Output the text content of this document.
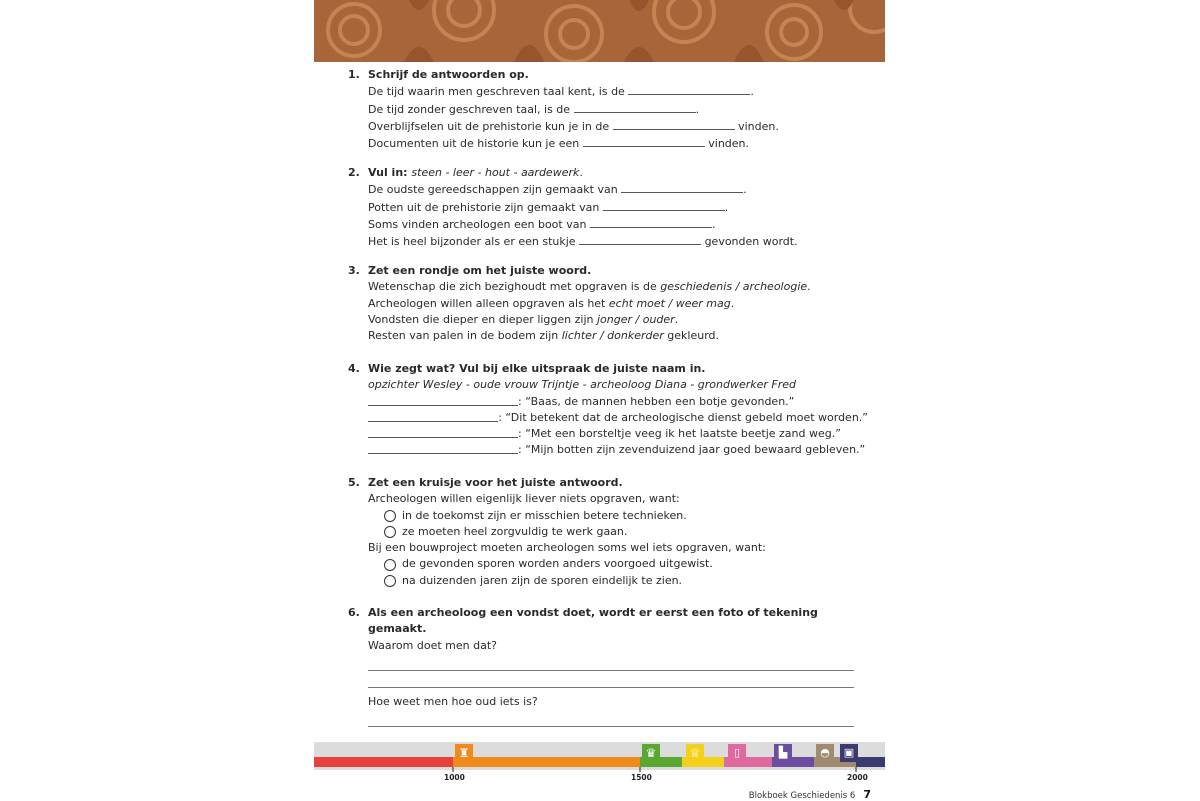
1. Schrijf de antwoorden op.
De tijd waarin men geschreven taal kent, is de	.
De tijd zonder geschreven taal, is de	.
Overblijfselen uit de prehistorie kun je in de	vinden.
Documenten uit de historie kun je een	vinden.
2. Vul in: steen - leer - hout - aardewerk.
De oudste gereedschappen zijn gemaakt van	.
Potten uit de prehistorie zijn gemaakt van	.
Soms vinden archeologen een boot van	.
Het is heel bijzonder als er een stukje	gevonden wordt.
3. Zet een rondje om het juiste woord.
Wetenschap die zich bezighoudt met opgraven is de geschiedenis / archeologie.
Archeologen willen alleen opgraven als het echt moet / weer mag.
Vondsten die dieper en dieper liggen zijn jonger / ouder.
Resten van palen in de bodem zijn lichter / donkerder gekleurd.
4. Wie zegt wat? Vul bij elke uitspraak de juiste naam in.
opzichter Wesley - oude vrouw Trijntje - archeoloog Diana - grondwerker Fred
: “Baas, de mannen hebben een botje gevonden.”
: “Dit betekent dat de archeologische dienst gebeld moet worden.”
: “Met een borsteltje veeg ik het laatste beetje zand weg.”
: “Mijn botten zijn zevenduizend jaar goed bewaard gebleven.”
5. Zet een kruisje voor het juiste antwoord.
Archeologen willen eigenlijk liever niets opgraven, want:
in de toekomst zijn er misschien betere technieken.
ze moeten heel zorgvuldig te werk gaan.
Bij een bouwproject moeten archeologen soms wel iets opgraven, want:
de gevonden sporen worden anders voorgoed uitgewist.
na duizenden jaren zijn de sporen eindelijk te zien.
6. Als een archeoloog een vondst doet, wordt er eerst een foto of tekening gemaakt.
Waarom doet men dat?
Hoe weet men hoe oud iets is?
♜	♛	♕	▯	▙	◓	▣
1000	1500	2000
Blokboek Geschiedenis 6 7
